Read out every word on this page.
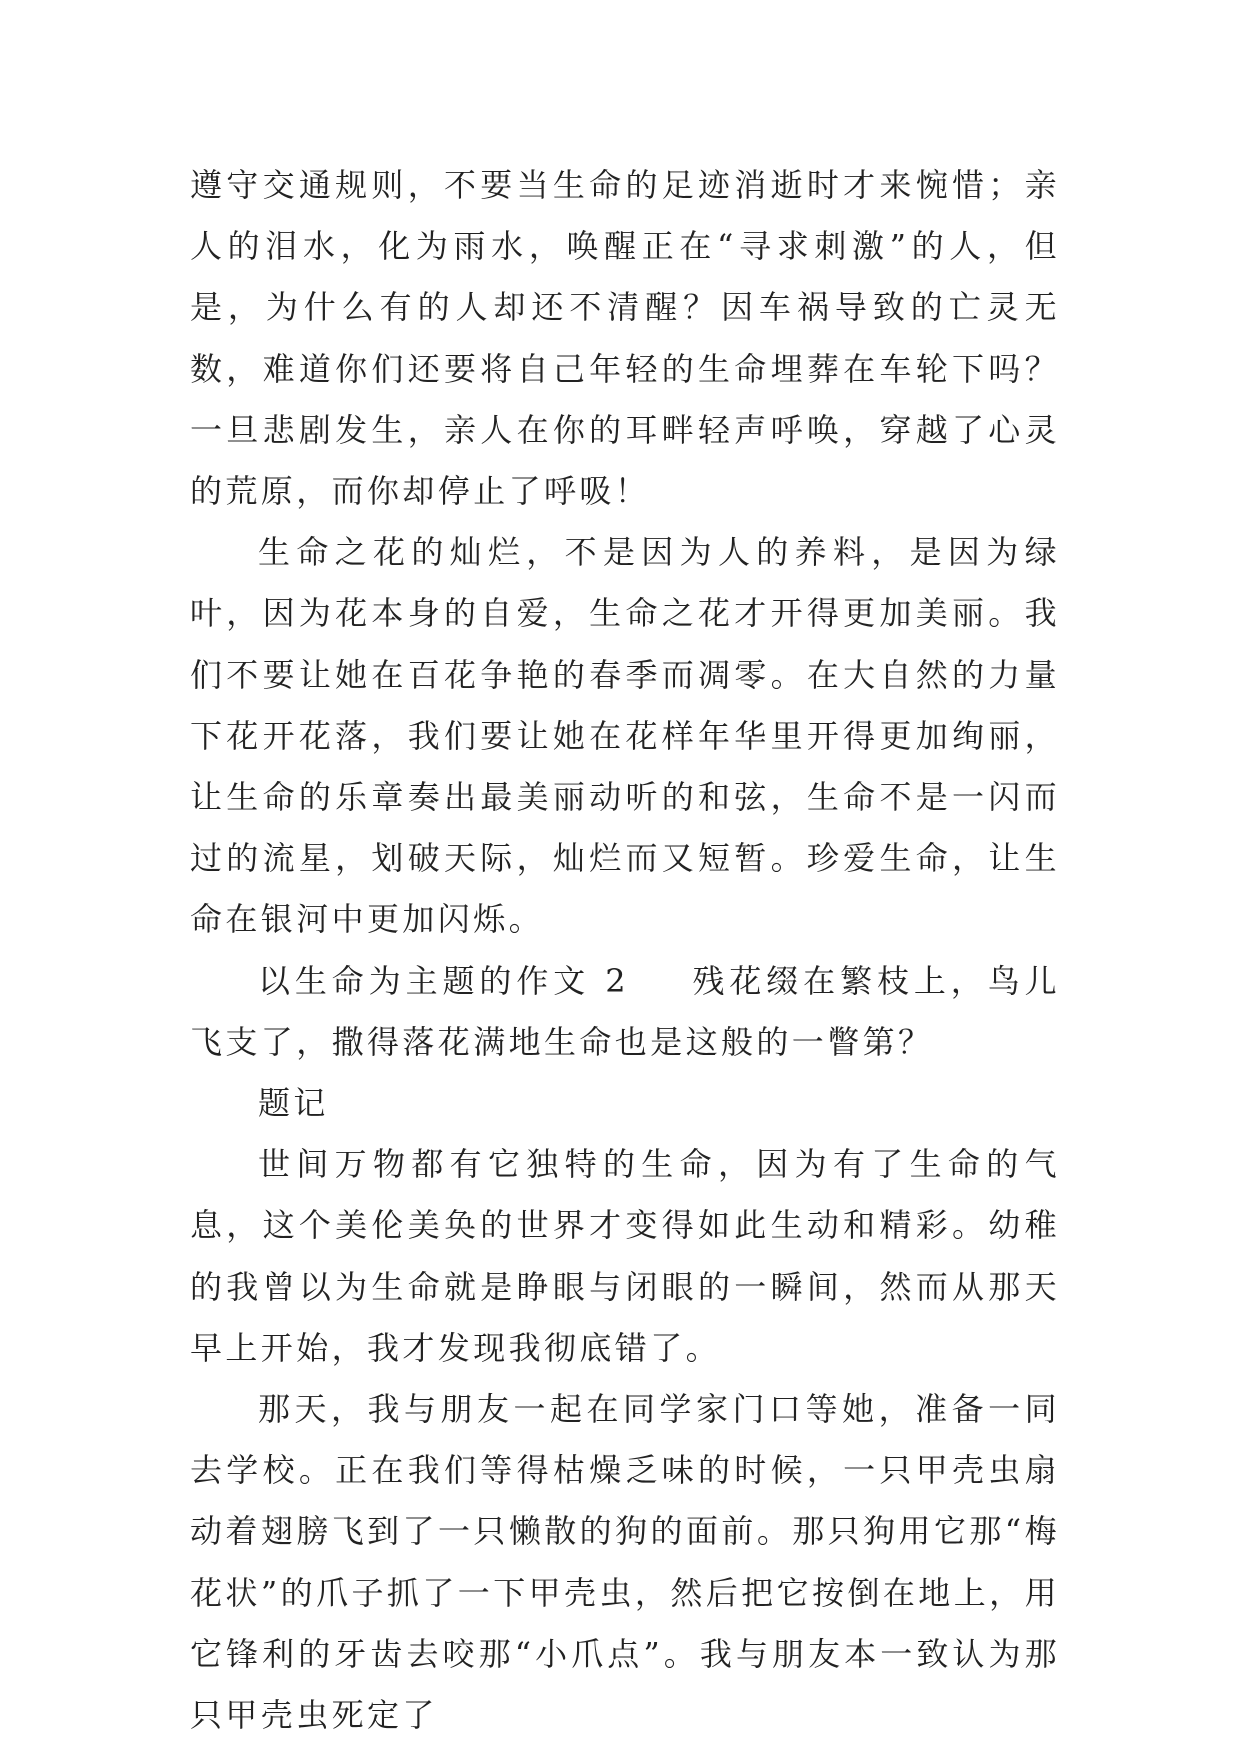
遵守交通规则，不要当生命的足迹消逝时才来惋惜；亲人的泪水，化为雨水，唤醒正在“寻求刺激”的人，但是，为什么有的人却还不清醒？因车祸导致的亡灵无数，难道你们还要将自己年轻的生命埋葬在车轮下吗？一旦悲剧发生，亲人在你的耳畔轻声呼唤，穿越了心灵的荒原，而你却停止了呼吸！

生命之花的灿烂，不是因为人的养料，是因为绿叶，因为花本身的自爱，生命之花才开得更加美丽。我们不要让她在百花争艳的春季而凋零。在大自然的力量下花开花落，我们要让她在花样年华里开得更加绚丽，让生命的乐章奏出最美丽动听的和弦，生命不是一闪而过的流星，划破天际，灿烂而又短暂。珍爱生命，让生命在银河中更加闪烁。

以生命为主题的作文 2 残花缀在繁枝上，鸟儿飞支了，撒得落花满地生命也是这般的一瞥第？

题记

世间万物都有它独特的生命，因为有了生命的气息，这个美伦美奂的世界才变得如此生动和精彩。幼稚的我曾以为生命就是睁眼与闭眼的一瞬间，然而从那天早上开始，我才发现我彻底错了。

那天，我与朋友一起在同学家门口等她，准备一同去学校。正在我们等得枯燥乏味的时候，一只甲壳虫扇动着翅膀飞到了一只懒散的狗的面前。那只狗用它那“梅花状”的爪子抓了一下甲壳虫，然后把它按倒在地上，用它锋利的牙齿去咬那“小爪点”。我与朋友本一致认为那只甲壳虫死定了
